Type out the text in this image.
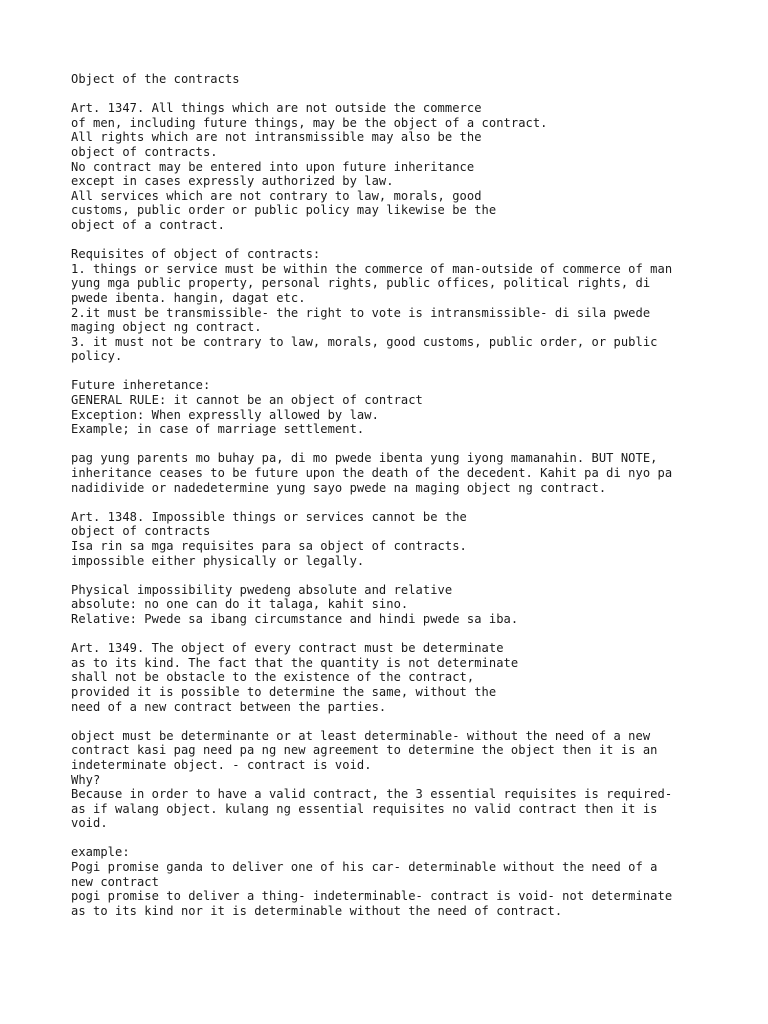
Object of the contracts
Art. 1347. All things which are not outside the commerce
of men, including future things, may be the object of a contract.
All rights which are not intransmissible may also be the
object of contracts.
No contract may be entered into upon future inheritance
except in cases expressly authorized by law.
All services which are not contrary to law, morals, good
customs, public order or public policy may likewise be the
object of a contract.
Requisites of object of contracts:
1. things or service must be within the commerce of man-outside of commerce of man
yung mga public property, personal rights, public offices, political rights, di
pwede ibenta. hangin, dagat etc.
2.it must be transmissible- the right to vote is intransmissible- di sila pwede
maging object ng contract.
3. it must not be contrary to law, morals, good customs, public order, or public
policy.
Future inheretance:
GENERAL RULE: it cannot be an object of contract
Exception: When expresslly allowed by law.
Example; in case of marriage settlement.
pag yung parents mo buhay pa, di mo pwede ibenta yung iyong mamanahin. BUT NOTE,
inheritance ceases to be future upon the death of the decedent. Kahit pa di nyo pa
nadidivide or nadedetermine yung sayo pwede na maging object ng contract.
Art. 1348. Impossible things or services cannot be the
object of contracts
Isa rin sa mga requisites para sa object of contracts.
impossible either physically or legally.
Physical impossibility pwedeng absolute and relative
absolute: no one can do it talaga, kahit sino.
Relative: Pwede sa ibang circumstance and hindi pwede sa iba.
Art. 1349. The object of every contract must be determinate
as to its kind. The fact that the quantity is not determinate
shall not be obstacle to the existence of the contract,
provided it is possible to determine the same, without the
need of a new contract between the parties.
object must be determinante or at least determinable- without the need of a new
contract kasi pag need pa ng new agreement to determine the object then it is an
indeterminate object. - contract is void.
Why?
Because in order to have a valid contract, the 3 essential requisites is required-
as if walang object. kulang ng essential requisites no valid contract then it is
void.
example:
Pogi promise ganda to deliver one of his car- determinable without the need of a
new contract
pogi promise to deliver a thing- indeterminable- contract is void- not determinate
as to its kind nor it is determinable without the need of contract.
